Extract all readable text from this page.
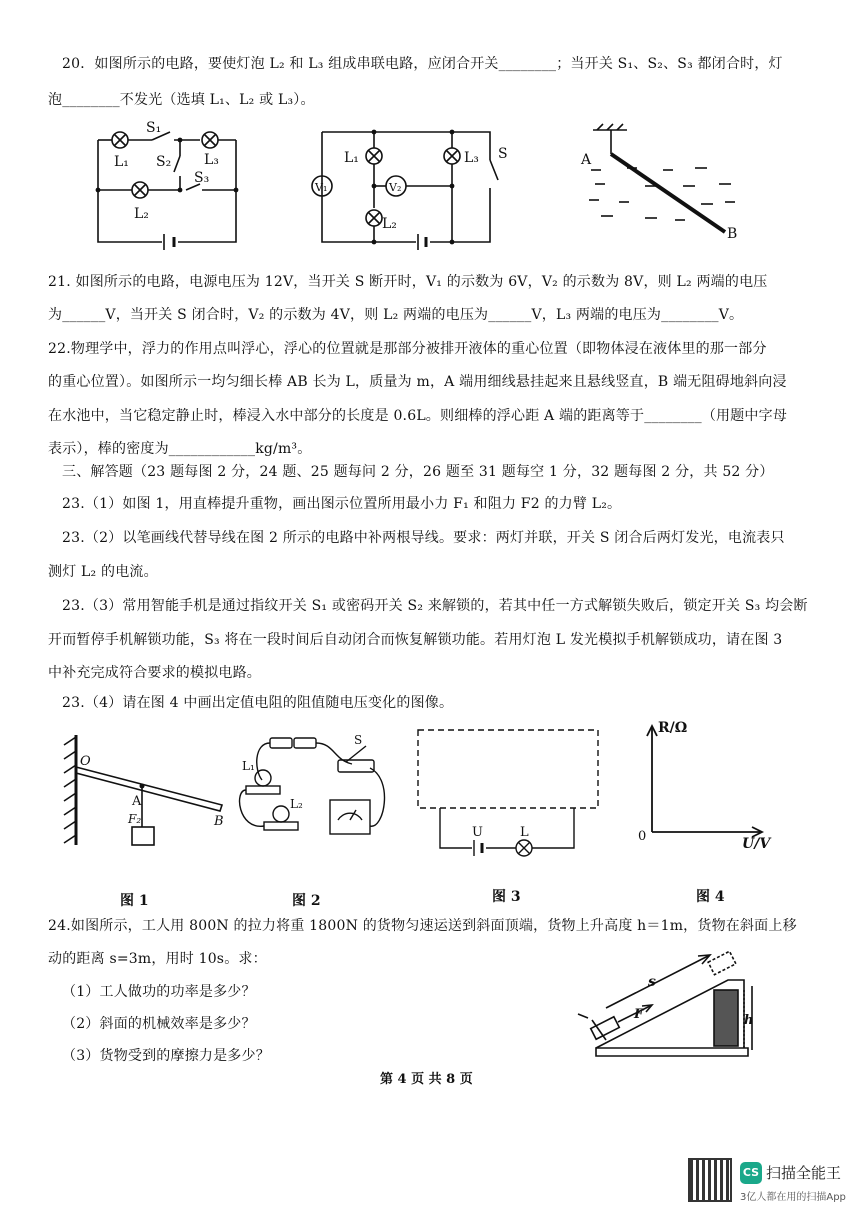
20．如图所示的电路，要使灯泡 L₂ 和 L₃ 组成串联电路，应闭合开关________；当开关 S₁、S₂、S₃ 都闭合时，灯
泡________不发光（选填 L₁、L₂ 或 L₃）。
S₁
S₂
S₃
L₁
L₂
L₃
V₁	V₂
L₁
L₂
L₃ S	A
B
21. 如图所示的电路，电源电压为 12V，当开关 S 断开时，V₁ 的示数为 6V，V₂ 的示数为 8V，则 L₂ 两端的电压
为______V，当开关 S 闭合时，V₂ 的示数为 4V，则 L₂ 两端的电压为______V，L₃ 两端的电压为________V。
22.物理学中，浮力的作用点叫浮心，浮心的位置就是那部分被排开液体的重心位置（即物体浸在液体里的那一部分
的重心位置）。如图所示一均匀细长棒 AB 长为 L，质量为 m，A 端用细线悬挂起来且悬线竖直，B 端无阻碍地斜向浸
在水池中，当它稳定静止时，棒浸入水中部分的长度是 0.6L。则细棒的浮心距 A 端的距离等于________（用题中字母
表示），棒的密度为____________kg/m³。
三、解答题（23 题每图 2 分，24 题、25 题每问 2 分，26 题至 31 题每空 1 分，32 题每图 2 分，共 52 分）
23.（1）如图 1，用直棒提升重物，画出图示位置所用最小力 F₁ 和阻力 F2 的力臂 L₂。
23.（2）以笔画线代替导线在图 2 所示的电路中补两根导线。要求：两灯并联，开关 S 闭合后两灯发光，电流表只
测灯 L₂ 的电流。
23.（3）常用智能手机是通过指纹开关 S₁ 或密码开关 S₂ 来解锁的，若其中任一方式解锁失败后，锁定开关 S₃ 均会断
开而暂停手机解锁功能，S₃ 将在一段时间后自动闭合而恢复解锁功能。若用灯泡 L 发光模拟手机解锁成功，请在图 3
中补充完成符合要求的模拟电路。
23.（4）请在图 4 中画出定值电阻的阻值随电压变化的图像。
O
A
B
F₂
图 1
S
L₁
L₂
图 2
U	L
图 3
R/Ω
U/V
0
图 4
24.如图所示，工人用 800N 的拉力将重 1800N 的货物匀速运送到斜面顶端，货物上升高度 h＝1m，货物在斜面上移
动的距离 s=3m，用时 10s。求：
（1）工人做功的功率是多少？
（2）斜面的机械效率是多少？
（3）货物受到的摩擦力是多少？
s
F	h
第 4 页 共 8 页
CS 扫描全能王
3亿人都在用的扫描App
